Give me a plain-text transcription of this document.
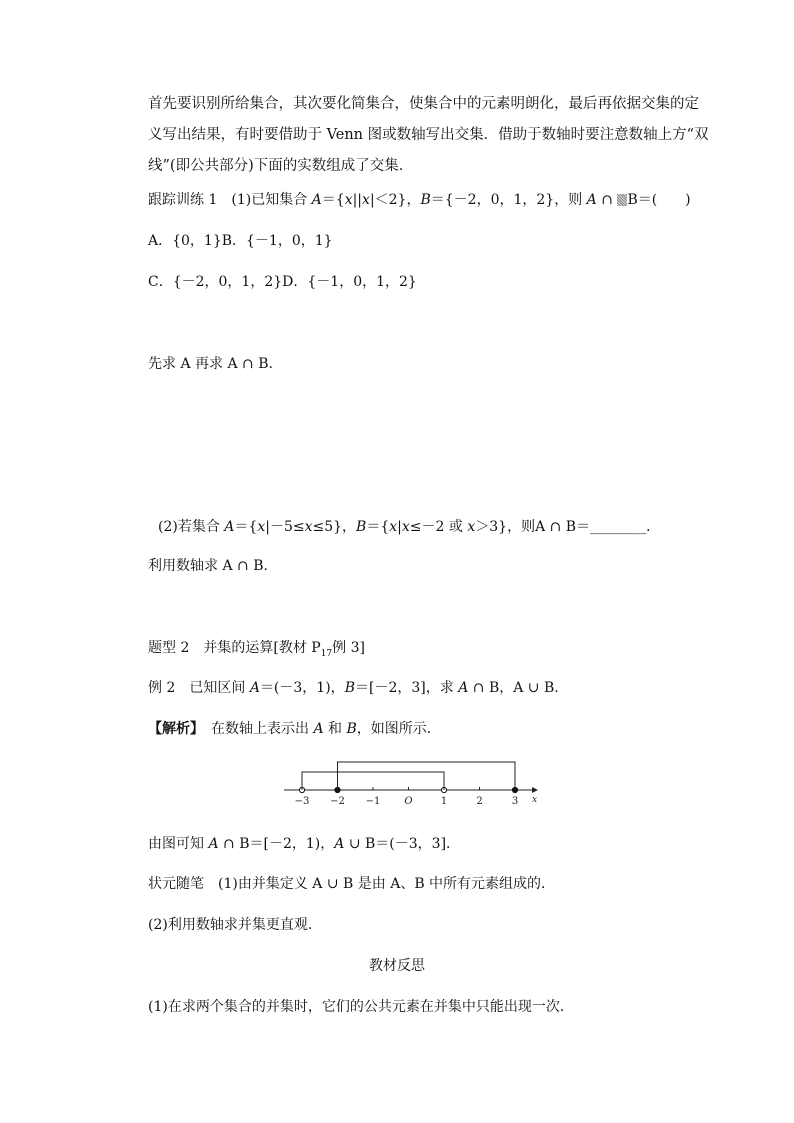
首先要识别所给集合，其次要化简集合，使集合中的元素明朗化，最后再依据交集的定
义写出结果，有时要借助于 Venn 图或数轴写出交集．借助于数轴时要注意数轴上方“双
线”(即公共部分)下面的实数组成了交集．
跟踪训练 1　(1)已知集合 A＝{x||x|＜2}，B＝{－2，0，1，2}，则 A ∩ B＝(　　)
A．{0，1}B．{－1，0，1}
C．{－2，0，1，2}D．{－1，0，1，2}
先求 A 再求 A ∩ B.
(2)若集合 A＝{x|－5≤x≤5}，B＝{x|x≤－2 或 x＞3}，则A ∩ B＝________．
利用数轴求 A ∩ B.
题型 2　并集的运算[教材 $P_{17}$例 3]
例 2　已知区间 A＝(－3，1)，B＝[－2，3]，求 A ∩ B，A ∪ B.
【解析】　在数轴上表示出 A 和 B，如图所示．
x
−3 −2 −1 O	1	2	3
由图可知 A ∩ B＝[－2，1)，A ∪ B＝(－3，3]．
状元随笔　(1)由并集定义 A ∪ B 是由 A、B 中所有元素组成的．
(2)利用数轴求并集更直观．
教材反思
(1)在求两个集合的并集时，它们的公共元素在并集中只能出现一次．
